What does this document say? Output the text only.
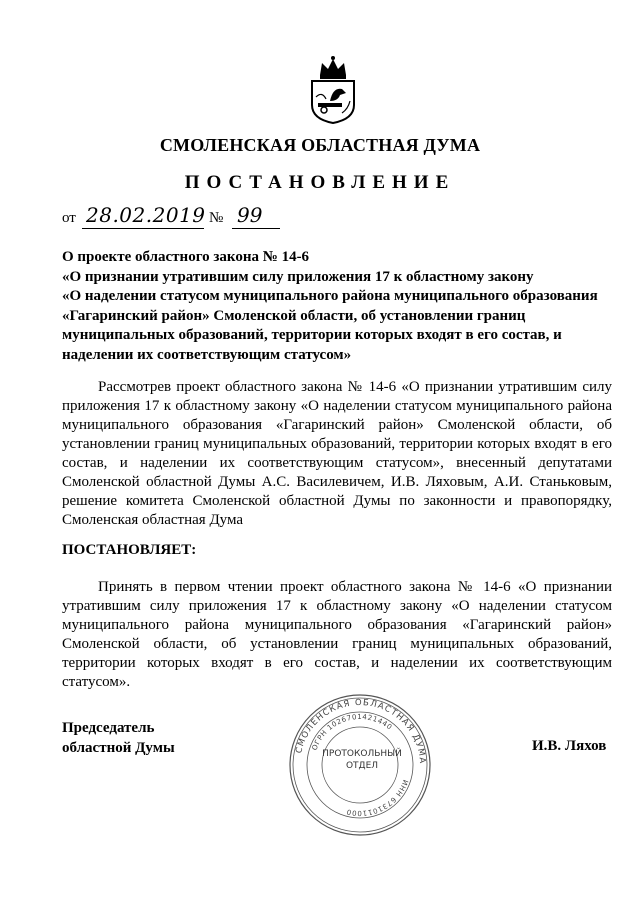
СМОЛЕНСКАЯ ОБЛАСТНАЯ ДУМА
ПОСТАНОВЛЕНИЕ
от 28.02.2019 № 99
О проекте областного закона № 14-6
«О признании утратившим силу приложения 17 к областному закону
«О наделении статусом муниципального района муниципального образования
«Гагаринский район» Смоленской области, об установлении границ
муниципальных образований, территории которых входят в его состав, и
наделении их соответствующим статусом»

Рассмотрев проект областного закона № 14-6 «О признании утратившим силу приложения 17 к областному закону «О наделении статусом муниципального района муниципального образования «Гагаринский район» Смоленской области, об установлении границ муниципальных образований, территории которых входят в его состав, и наделении их соответствующим статусом», внесенный депутатами Смоленской областной Думы А.С. Василевичем, И.В. Ляховым, А.И. Станьковым, решение комитета Смоленской областной Думы по законности и правопорядку, Смоленская областная Дума

ПОСТАНОВЛЯЕТ:

Принять в первом чтении проект областного закона № 14-6 «О признании утратившим силу приложения 17 к областному закону «О наделении статусом муниципального района муниципального образования «Гагаринский район» Смоленской области, об установлении границ муниципальных образований, территории которых входят в его состав, и наделении их соответствующим статусом».

Председатель
областной Думы	И.В. Ляхов
СМОЛЕНСКАЯ ОБЛАСТНАЯ ДУМА
ОГРН 1026701421440
ИНН 6731011000
ПРОТОКОЛЬНЫЙ
ОТДЕЛ
